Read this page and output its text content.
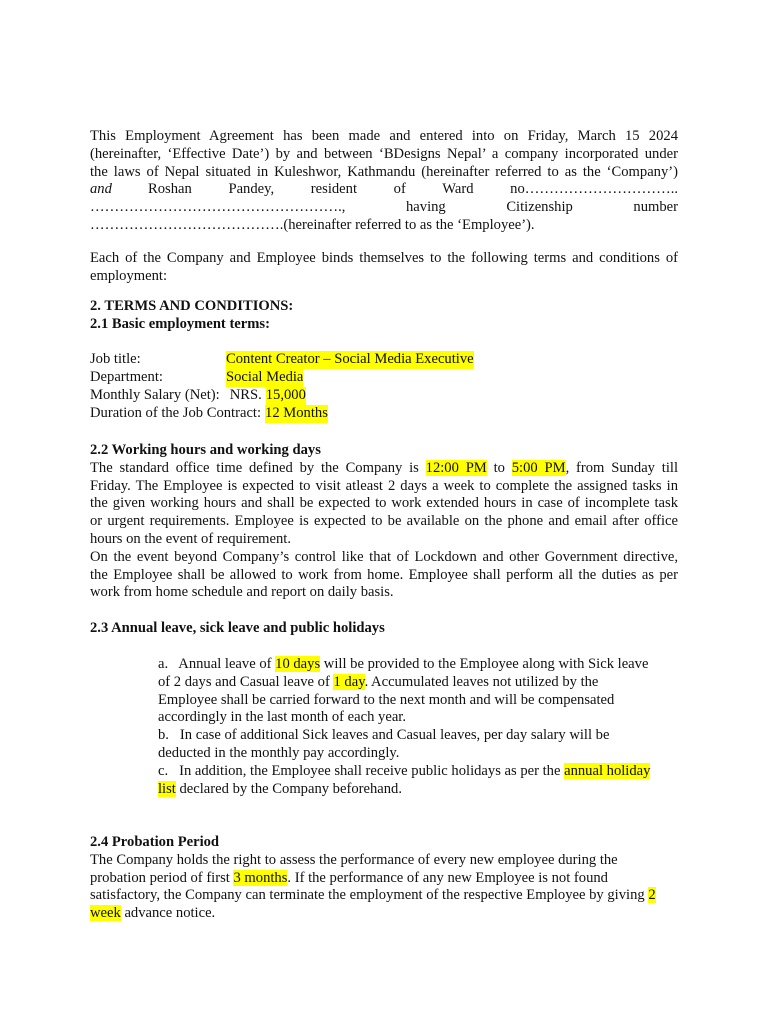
This Employment Agreement has been made and entered into on Friday, March 15 2024
(hereinafter, ‘Effective Date’) by and between ‘BDesigns Nepal’ a company incorporated under
the laws of Nepal situated in Kuleshwor, Kathmandu (hereinafter referred to as the ‘Company’)
and	Roshan Pandey, resident of Ward no…………………………..
……………………………………………., having Citizenship number
………………………………….(hereinafter referred to as the ‘Employee’).
Each of the Company and Employee binds themselves to the following terms and conditions of
employment:
2. TERMS AND CONDITIONS:
2.1 Basic employment terms:
Job title:	Content Creator – Social Media Executive
Department:	Social Media
Monthly Salary (Net): NRS. 15,000
Duration of the Job Contract: 12 Months
2.2 Working hours and working days
The standard office time defined by the Company is 12:00 PM to 5:00 PM, from Sunday till
Friday. The Employee is expected to visit atleast 2 days a week to complete the assigned tasks in
the given working hours and shall be expected to work extended hours in case of incomplete task
or urgent requirements. Employee is expected to be available on the phone and email after office
hours on the event of requirement.
On the event beyond Company’s control like that of Lockdown and other Government directive,
the Employee shall be allowed to work from home. Employee shall perform all the duties as per
work from home schedule and report on daily basis.
2.3 Annual leave, sick leave and public holidays
a. Annual leave of 10 days will be provided to the Employee along with Sick leave
of 2 days and Casual leave of 1 day. Accumulated leaves not utilized by the
Employee shall be carried forward to the next month and will be compensated
accordingly in the last month of each year.
b. In case of additional Sick leaves and Casual leaves, per day salary will be
deducted in the monthly pay accordingly.
c. In addition, the Employee shall receive public holidays as per the annual holiday
list declared by the Company beforehand.
2.4 Probation Period
The Company holds the right to assess the performance of every new employee during the
probation period of first 3 months. If the performance of any new Employee is not found
satisfactory, the Company can terminate the employment of the respective Employee by giving 2
week advance notice.
